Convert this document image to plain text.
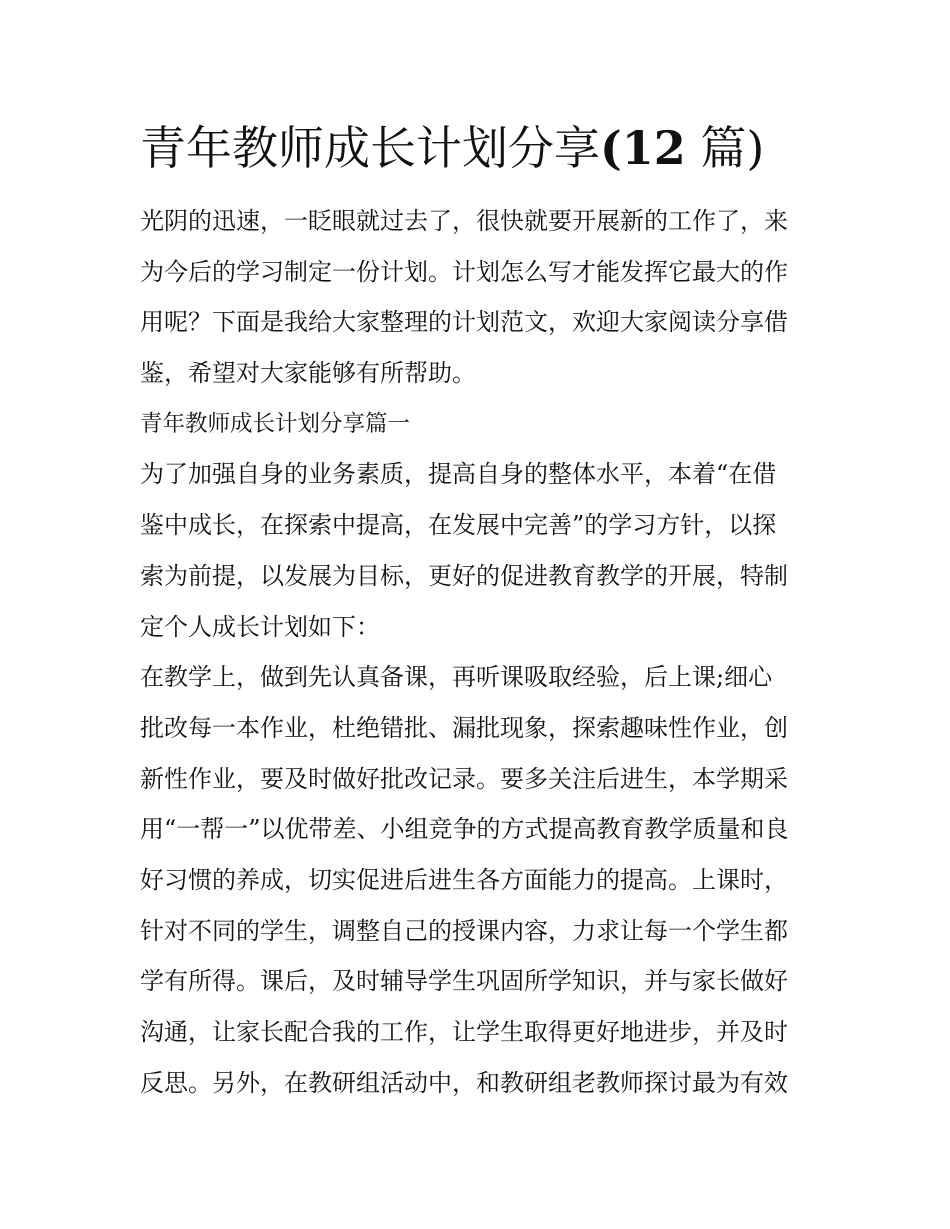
青年教师成长计划分享(12 篇)
光阴的迅速，一眨眼就过去了，很快就要开展新的工作了，来
为今后的学习制定一份计划。计划怎么写才能发挥它最大的作
用呢？下面是我给大家整理的计划范文，欢迎大家阅读分享借
鉴，希望对大家能够有所帮助。
青年教师成长计划分享篇一
为了加强自身的业务素质，提高自身的整体水平，本着“在借
鉴中成长，在探索中提高，在发展中完善”的学习方针，以探
索为前提，以发展为目标，更好的促进教育教学的开展，特制
定个人成长计划如下：
在教学上，做到先认真备课，再听课吸取经验，后上课;细心
批改每一本作业，杜绝错批、漏批现象，探索趣味性作业，创
新性作业，要及时做好批改记录。要多关注后进生，本学期采
用“一帮一”以优带差、小组竞争的方式提高教育教学质量和良
好习惯的养成，切实促进后进生各方面能力的提高。上课时，
针对不同的学生，调整自己的授课内容，力求让每一个学生都
学有所得。课后，及时辅导学生巩固所学知识，并与家长做好
沟通，让家长配合我的工作，让学生取得更好地进步，并及时
反思。另外，在教研组活动中，和教研组老教师探讨最为有效
